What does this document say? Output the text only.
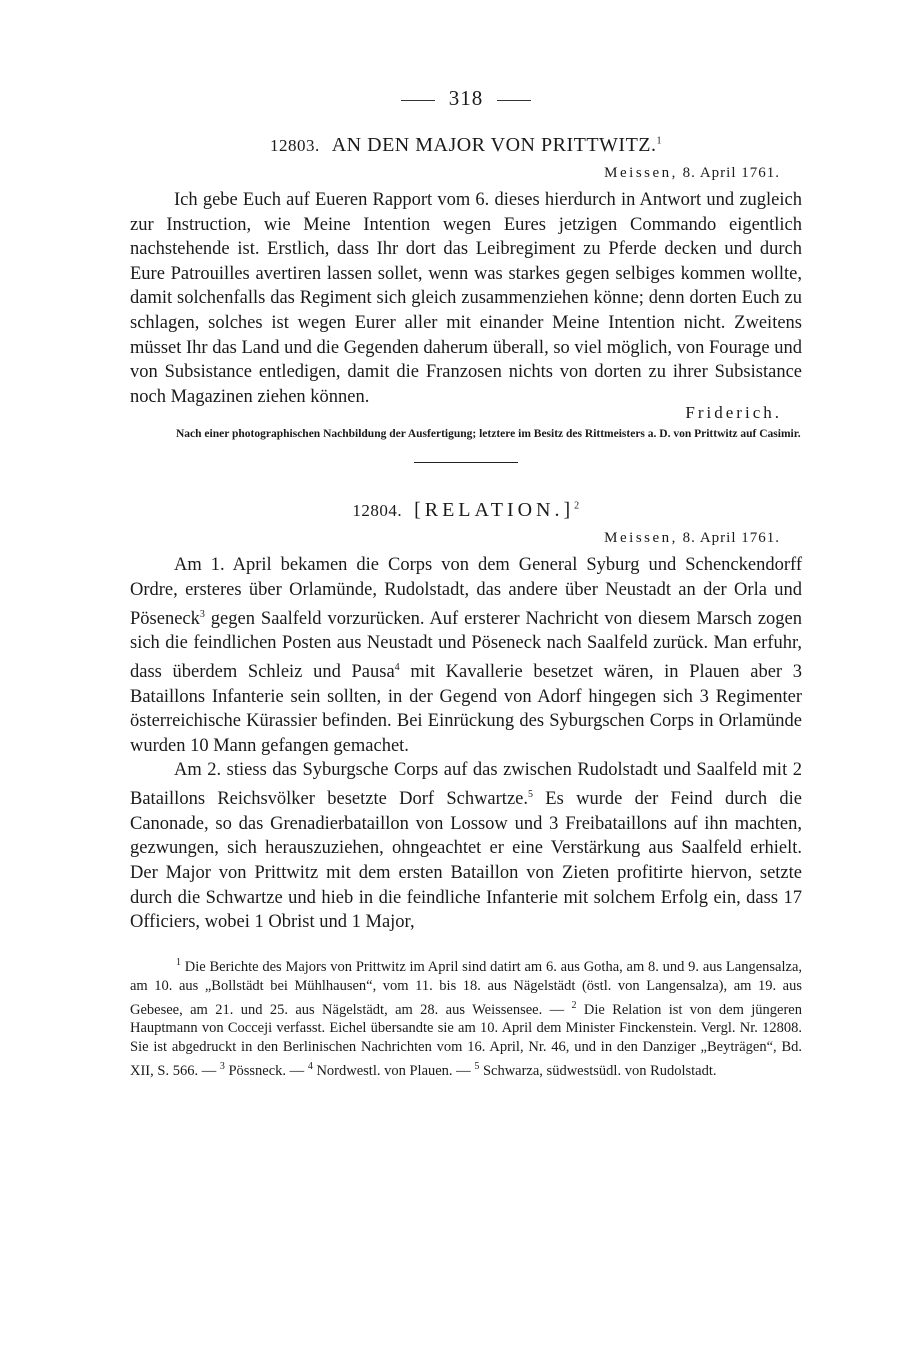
318
12803. AN DEN MAJOR VON PRITTWITZ.$^1$
Meissen, 8. April 1761.

Ich gebe Euch auf Eueren Rapport vom 6. dieses hierdurch in Antwort und zugleich zur Instruction, wie Meine Intention wegen Eures jetzigen Commando eigentlich nachstehende ist. Erstlich, dass Ihr dort das Leibregiment zu Pferde decken und durch Eure Patrouilles avertiren lassen sollet, wenn was starkes gegen selbiges kommen wollte, damit solchenfalls das Regiment sich gleich zusammenziehen könne; denn dorten Euch zu schlagen, solches ist wegen Eurer aller mit einander Meine Intention nicht. Zweitens müsset Ihr das Land und die Gegenden daherum überall, so viel möglich, von Fourage und von Subsistance entledigen, damit die Franzosen nichts von dorten zu ihrer Subsistance noch Magazinen ziehen können.

Friderich.
Nach einer photographischen Nachbildung der Ausfertigung; letztere im Besitz des Rittmeisters a. D. von Prittwitz auf Casimir.
12804. [RELATION.]$^2$
Meissen, 8. April 1761.

Am 1. April bekamen die Corps von dem General Syburg und Schenckendorff Ordre, ersteres über Orlamünde, Rudolstadt, das andere über Neustadt an der Orla und Pöseneck$^3$ gegen Saalfeld vorzurücken. Auf ersterer Nachricht von diesem Marsch zogen sich die feindlichen Posten aus Neustadt und Pöseneck nach Saalfeld zurück. Man erfuhr, dass überdem Schleiz und Pausa$^4$ mit Kavallerie besetzet wären, in Plauen aber 3 Bataillons Infanterie sein sollten, in der Gegend von Adorf hingegen sich 3 Regimenter österreichische Kürassier befinden. Bei Einrückung des Syburgschen Corps in Orlamünde wurden 10 Mann gefangen gemachet.

Am 2. stiess das Syburgsche Corps auf das zwischen Rudolstadt und Saalfeld mit 2 Bataillons Reichsvölker besetzte Dorf Schwartze.$^5$ Es wurde der Feind durch die Canonade, so das Grenadierbataillon von Lossow und 3 Freibataillons auf ihn machten, gezwungen, sich herauszuziehen, ohngeachtet er eine Verstärkung aus Saalfeld erhielt. Der Major von Prittwitz mit dem ersten Bataillon von Zieten profitirte hiervon, setzte durch die Schwartze und hieb in die feindliche Infanterie mit solchem Erfolg ein, dass 17 Officiers, wobei 1 Obrist und 1 Major,

$^1$ Die Berichte des Majors von Prittwitz im April sind datirt am 6. aus Gotha, am 8. und 9. aus Langensalza, am 10. aus „Bollstädt bei Mühlhausen“, vom 11. bis 18. aus Nägelstädt (östl. von Langensalza), am 19. aus Gebesee, am 21. und 25. aus Nägelstädt, am 28. aus Weissensee. — $^2$ Die Relation ist von dem jüngeren Hauptmann von Cocceji verfasst. Eichel übersandte sie am 10. April dem Minister Finckenstein. Vergl. Nr. 12808. Sie ist abgedruckt in den Berlinischen Nachrichten vom 16. April, Nr. 46, und in den Danziger „Beyträgen“, Bd. XII, S. 566. — $^3$ Pössneck. — $^4$ Nordwestl. von Plauen. — $^5$ Schwarza, südwestsüdl. von Rudolstadt.
